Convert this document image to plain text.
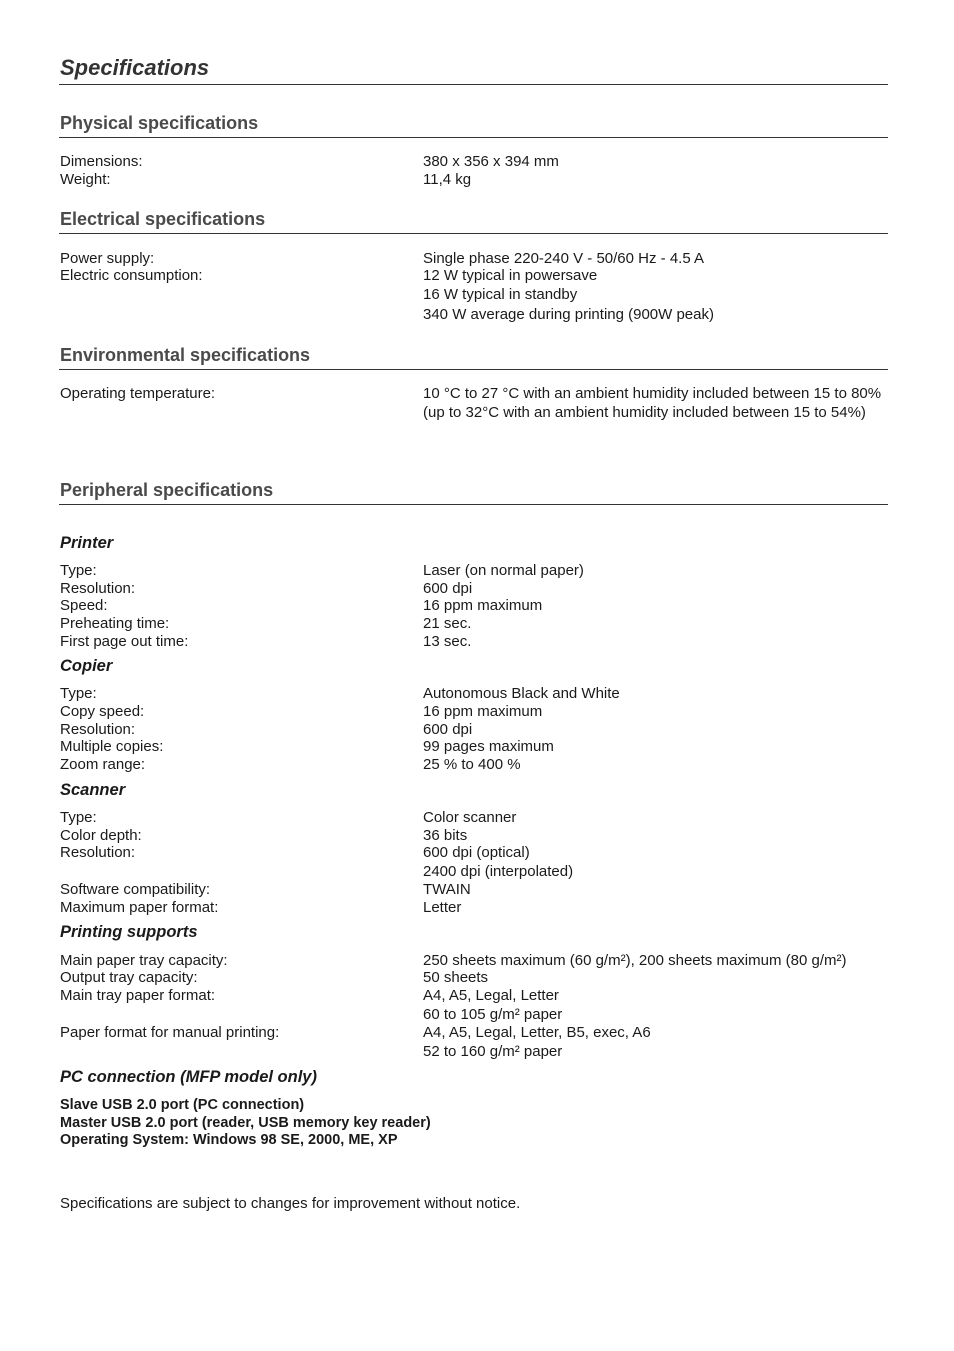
Specifications
Physical specifications
Dimensions:	380 x 356 x 394 mm
Weight:	11,4 kg
Electrical specifications
Power supply:	Single phase 220-240 V - 50/60 Hz - 4.5 A
Electric consumption:	12 W typical in powersave
16 W typical in standby
340 W average during printing (900W peak)
Environmental specifications
Operating temperature:	10 °C to 27 °C with an ambient humidity included between 15 to 80% (up to 32°C with an ambient humidity included between 15 to 54%)
Peripheral specifications
Printer
Type:	Laser (on normal paper)
Resolution:	600 dpi
Speed:	16 ppm maximum
Preheating time:	21 sec.
First page out time:	13 sec.
Copier
Type:	Autonomous Black and White
Copy speed:	16 ppm maximum
Resolution:	600 dpi
Multiple copies:	99 pages maximum
Zoom range:	25 % to 400 %
Scanner
Type:	Color scanner
Color depth:	36 bits
Resolution:	600 dpi (optical)
2400 dpi (interpolated)
Software compatibility:	TWAIN
Maximum paper format:	Letter
Printing supports
Main paper tray capacity:	250 sheets maximum (60 g/m²), 200 sheets maximum (80 g/m²)
Output tray capacity:	50 sheets
Main tray paper format:	A4, A5, Legal, Letter
60 to 105 g/m² paper
Paper format for manual printing:	A4, A5, Legal, Letter, B5, exec, A6
52 to 160 g/m² paper
PC connection (MFP model only)
Slave USB 2.0 port (PC connection)
Master USB 2.0 port (reader, USB memory key reader)
Operating System: Windows 98 SE, 2000, ME, XP
Specifications are subject to changes for improvement without notice.
